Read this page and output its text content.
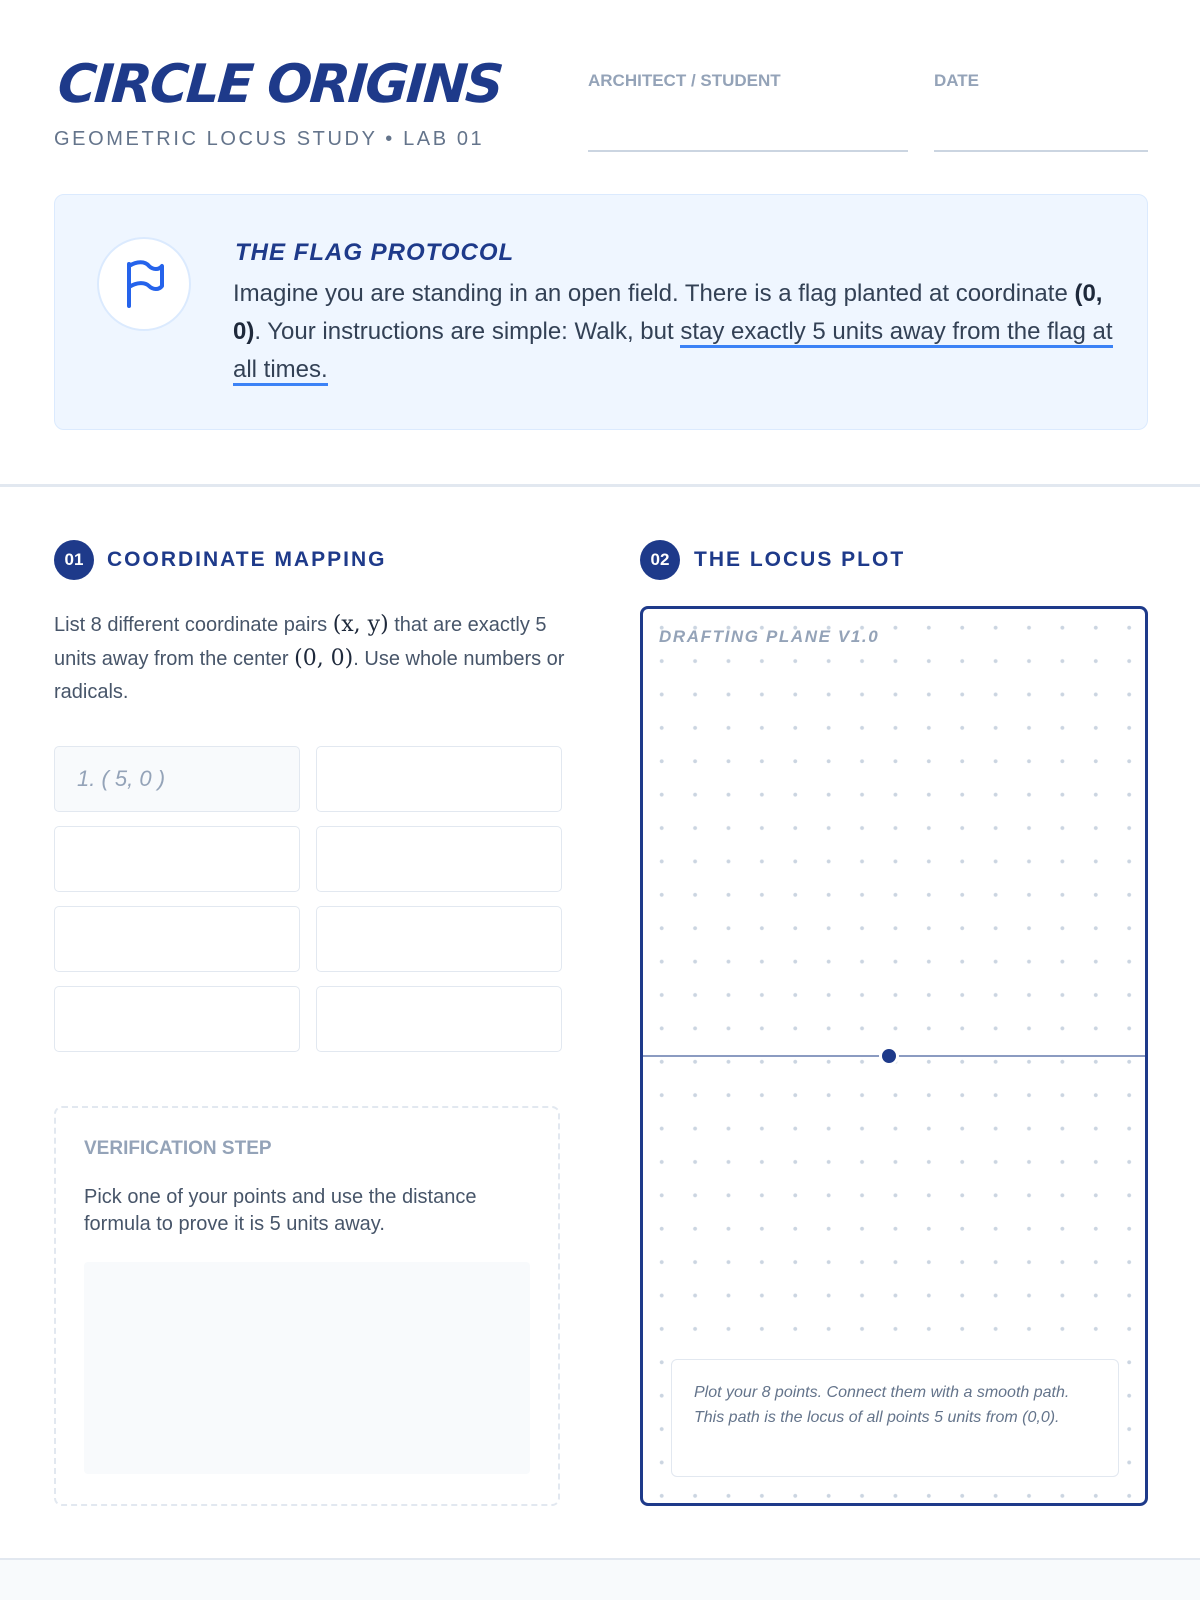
CIRCLE ORIGINS
GEOMETRIC LOCUS STUDY • LAB 01
ARCHITECT / STUDENT	DATE
THE FLAG PROTOCOL
Imagine you are standing in an open field. There is a flag planted at coordinate (0, 0). Your instructions are simple: Walk, but stay exactly 5 units away from the flag at all times.
01	COORDINATE MAPPING
List 8 different coordinate pairs (x, y) that are exactly 5 units away from the center (0, 0). Use whole numbers or radicals.
1. ( 5, 0 )
VERIFICATION STEP
Pick one of your points and use the distance formula to prove it is 5 units away.
02	THE LOCUS PLOT
DRAFTING PLANE V1.0
Plot your 8 points. Connect them with a smooth path. This path is the locus of all points 5 units from (0,0).
